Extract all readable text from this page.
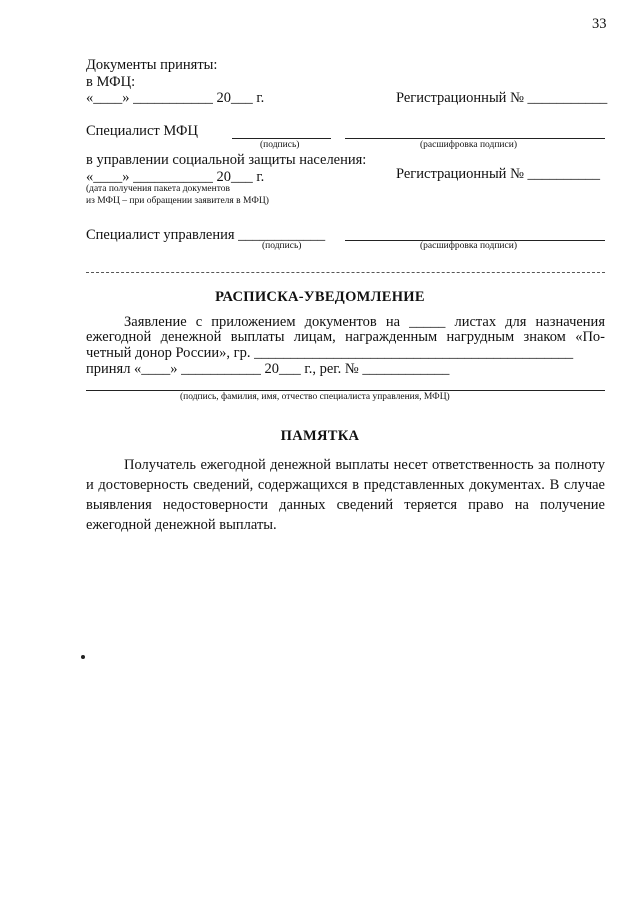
33
Документы приняты:
в МФЦ:
«____» ___________ 20___ г.	Регистрационный № ___________
Специалист МФЦ
(подпись)	(расшифровка подписи)
в управлении социальной защиты населения:
«____» ___________ 20___ г.	Регистрационный № __________
(дата получения пакета документов
из МФЦ – при обращении заявителя в МФЦ)
Специалист управления ____________
(подпись)	(расшифровка подписи)
РАСПИСКА-УВЕДОМЛЕНИЕ
Заявление с приложением документов на _____ листах для назначения
ежегодной денежной выплаты лицам, награжденным нагрудным знаком «По-
четный донор России», гр. ____________________________________________
принял «____» ___________ 20___ г., рег. № ____________
(подпись, фамилия, имя, отчество специалиста управления, МФЦ)
ПАМЯТКА
Получатель ежегодной денежной выплаты несет ответственность за полноту и достоверность сведений, содержащихся в представленных документах. В случае выявления недостоверности данных сведений теряется право на получение ежегодной денежной выплаты.
